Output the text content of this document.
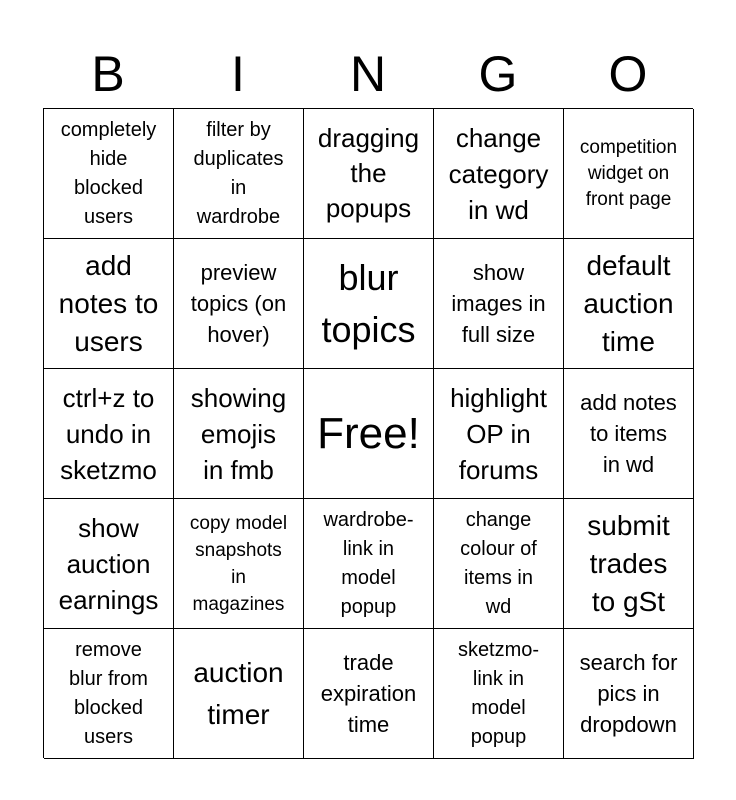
B	I	N	G	O
completely
hide
blocked
users
filter by
duplicates
in
wardrobe
dragging
the
popups
change
category
in wd
competition
widget on
front page
add
notes to
users
preview
topics (on
hover)
blur
topics
show
images in
full size
default
auction
time
ctrl+z to
undo in
sketzmo
showing
emojis
in fmb
Free!
highlight
OP in
forums
add notes
to items
in wd
show
auction
earnings
copy model
snapshots
in
magazines
wardrobe-
link in
model
popup
change
colour of
items in
wd
submit
trades
to gSt
remove
blur from
blocked
users
auction
timer
trade
expiration
time
sketzmo-
link in
model
popup
search for
pics in
dropdown
